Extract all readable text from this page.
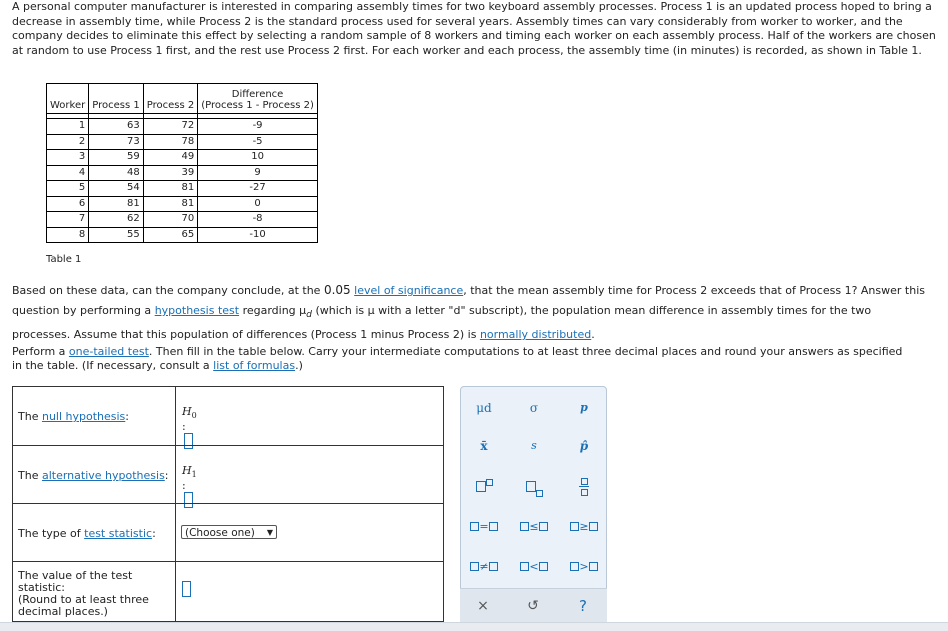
A personal computer manufacturer is interested in comparing assembly times for two keyboard assembly processes. Process 1 is an updated process hoped to bring a decrease in assembly time, while Process 2 is the standard process used for several years. Assembly times can vary considerably from worker to worker, and the company decides to eliminate this effect by selecting a random sample of 8 workers and timing each worker on each assembly process. Half of the workers are chosen at random to use Process 1 first, and the rest use Process 2 first. For each worker and each process, the assembly time (in minutes) is recorded, as shown in Table 1.
Worker	Process 1	Process 2	Difference
(Process 1 - Process 2)

1	63	72	-9
2	73	78	-5
3	59	49	10
4	48	39	9
5	54	81	-27
6	81	81	0
7	62	70	-8
8	55	65	-10
Table 1
Based on these data, can the company conclude, at the 0.05 level of significance, that the mean assembly time for Process 2 exceeds that of Process 1? Answer this question by performing a hypothesis test regarding $\mu_d$ (which is μ with a letter "d" subscript), the population mean difference in assembly times for the two processes. Assume that this population of differences (Process 1 minus Process 2) is normally distributed.
Perform a one-tailed test. Then fill in the table below. Carry your intermediate computations to at least three decimal places and round your answers as specified in the table. (If necessary, consult a list of formulas.)
The null hypothesis:	$H_0$ :
The alternative hypothesis: $H_1$ :
The type of test statistic:	(Choose one) ▼
The value of the test statistic:
(Round to at least three decimal places.)
μd	σ	p
x̄	s	p̂
=	≤	≥
≠	<	>
×	↺	?
